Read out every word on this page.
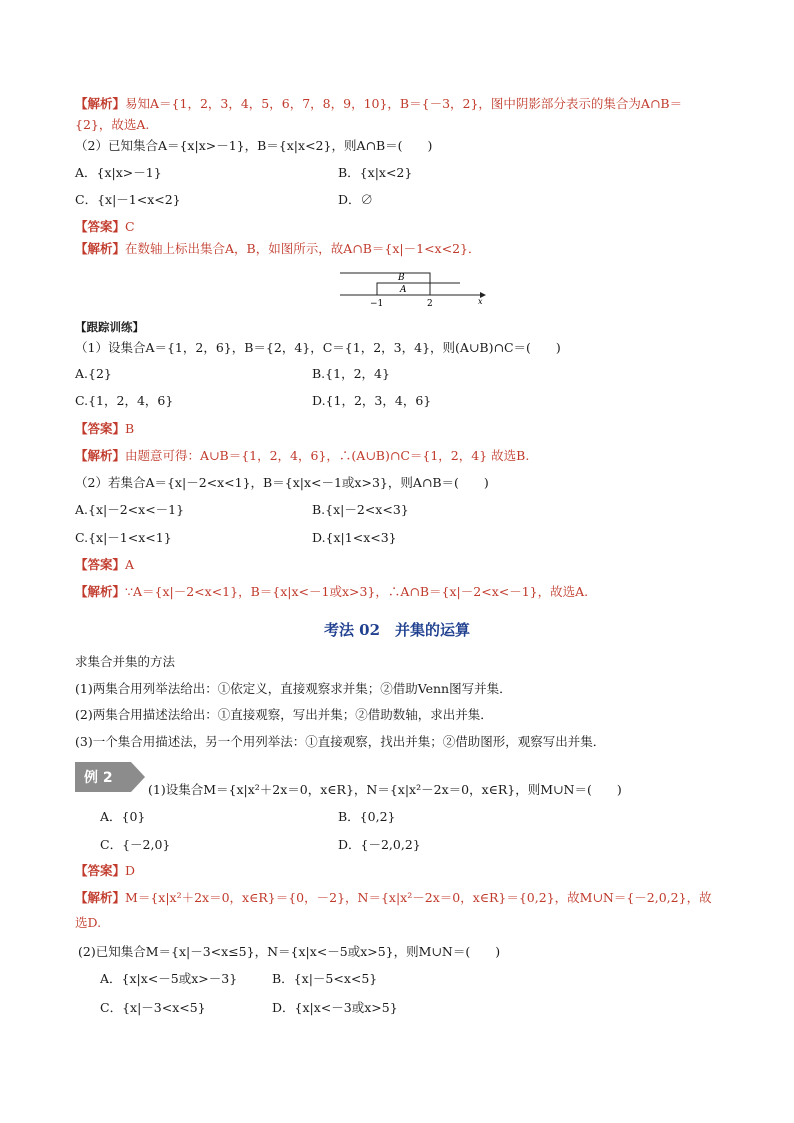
【解析】易知A＝{1，2，3，4，5，6，7，8，9，10}，B＝{－3，2}，图中阴影部分表示的集合为A∩B＝
{2}，故选A.
（2）已知集合A＝{x|x>－1}，B＝{x|x<2}，则A∩B＝(　　)
A．{x|x>－1}	B．{x|x<2}
C．{x|－1<x<2}	D．∅
【答案】C
【解析】在数轴上标出集合A，B，如图所示，故A∩B＝{x|－1<x<2}．
B
A
−1	2	x
【跟踪训练】
（1）设集合A＝{1，2，6}，B＝{2，4}，C＝{1，2，3，4}，则(A∪B)∩C＝(　　)
A.{2}	B.{1，2，4}
C.{1，2，4，6}	D.{1，2，3，4，6}
【答案】B
【解析】由题意可得：A∪B＝{1，2，4，6}，∴(A∪B)∩C＝{1，2，4} 故选B.
（2）若集合A＝{x|－2<x<1}，B＝{x|x<－1或x>3}，则A∩B＝(　　)
A.{x|－2<x<－1}	B.{x|－2<x<3}
C.{x|－1<x<1}	D.{x|1<x<3}
【答案】A
【解析】∵A＝{x|－2<x<1}，B＝{x|x<－1或x>3}，∴A∩B＝{x|－2<x<－1}，故选A.
考法 02　并集的运算
求集合并集的方法
(1)两集合用列举法给出：①依定义，直接观察求并集；②借助Venn图写并集．
(2)两集合用描述法给出：①直接观察，写出并集；②借助数轴，求出并集．
(3)一个集合用描述法，另一个用列举法：①直接观察，找出并集；②借助图形，观察写出并集．
例 2
(1)设集合M＝{x|x²＋2x＝0，x∈R}，N＝{x|x²－2x＝0，x∈R}，则M∪N＝(　　)
A．{0}	B．{0,2}
C．{－2,0}	D．{－2,0,2}
【答案】D
【解析】M＝{x|x²＋2x＝0，x∈R}＝{0，－2}，N＝{x|x²－2x＝0，x∈R}＝{0,2}，故M∪N＝{－2,0,2}，故
选D.
(2)已知集合M＝{x|－3<x≤5}，N＝{x|x<－5或x>5}，则M∪N＝(　　)
A．{x|x<－5或x>－3}	B．{x|－5<x<5}
C．{x|－3<x<5}	D．{x|x<－3或x>5}
